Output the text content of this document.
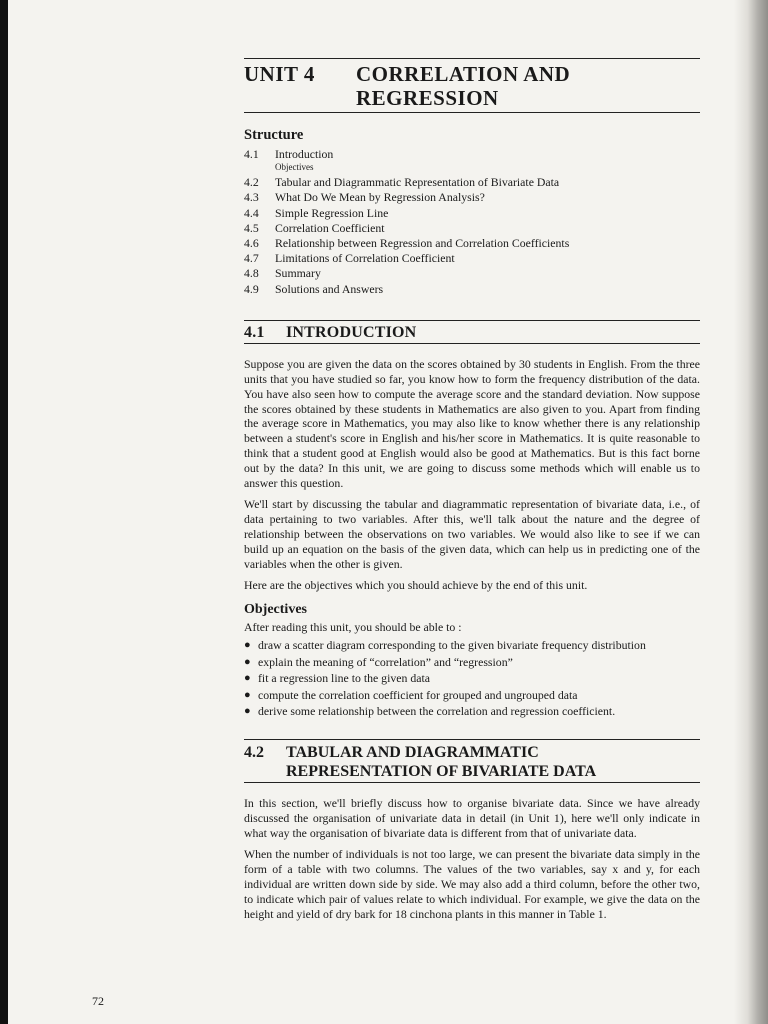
UNIT 4	CORRELATION AND
REGRESSION
Structure
4.1	Introduction
Objectives
4.2	Tabular and Diagrammatic Representation of Bivariate Data
4.3	What Do We Mean by Regression Analysis?
4.4	Simple Regression Line
4.5	Correlation Coefficient
4.6	Relationship between Regression and Correlation Coefficients
4.7	Limitations of Correlation Coefficient
4.8	Summary
4.9	Solutions and Answers
4.1	INTRODUCTION

Suppose you are given the data on the scores obtained by 30 students in English. From the three units that you have studied so far, you know how to form the frequency distribution of the data. You have also seen how to compute the average score and the standard deviation. Now suppose the scores obtained by these students in Mathematics are also given to you. Apart from finding the average score in Mathematics, you may also like to know whether there is any relationship between a student's score in English and his/her score in Mathematics. It is quite reasonable to think that a student good at English would also be good at Mathematics. But is this fact borne out by the data? In this unit, we are going to discuss some methods which will enable us to answer this question.

We'll start by discussing the tabular and diagrammatic representation of bivariate data, i.e., of data pertaining to two variables. After this, we'll talk about the nature and the degree of relationship between the observations on two variables. We would also like to see if we can build up an equation on the basis of the given data, which can help us in predicting one of the variables when the other is given.

Here are the objectives which you should achieve by the end of this unit.

Objectives
After reading this unit, you should be able to :
● draw a scatter diagram corresponding to the given bivariate frequency distribution
● explain the meaning of “correlation” and “regression”
● fit a regression line to the given data
● compute the correlation coefficient for grouped and ungrouped data
● derive some relationship between the correlation and regression coefficient.
4.2	TABULAR AND DIAGRAMMATIC
REPRESENTATION OF BIVARIATE DATA

In this section, we'll briefly discuss how to organise bivariate data. Since we have already discussed the organisation of univariate data in detail (in Unit 1), here we'll only indicate in what way the organisation of bivariate data is different from that of univariate data.

When the number of individuals is not too large, we can present the bivariate data simply in the form of a table with two columns. The values of the two variables, say x and y, for each individual are written down side by side. We may also add a third column, before the other two, to indicate which pair of values relate to which individual. For example, we give the data on the height and yield of dry bark for 18 cinchona plants in this manner in Table 1.

72
